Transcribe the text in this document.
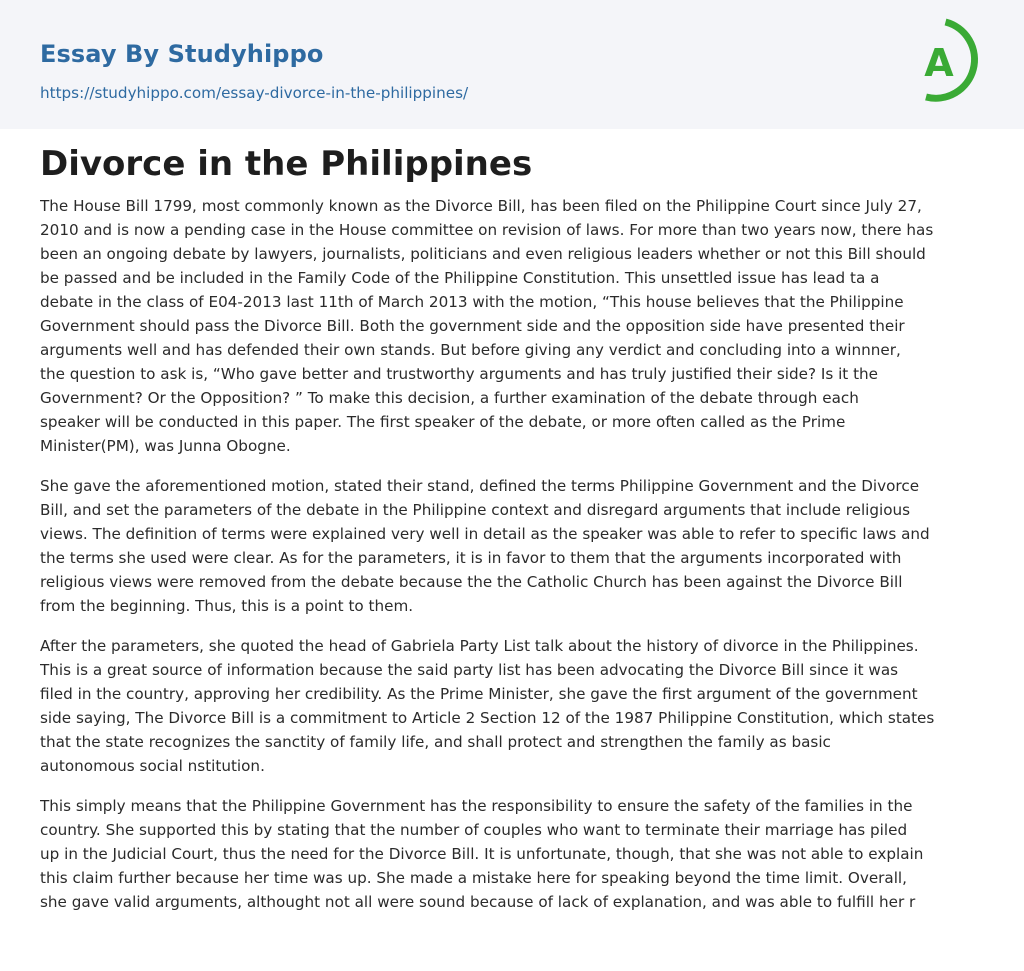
Essay By Studyhippo
https://studyhippo.com/essay-divorce-in-the-philippines/
A
Divorce in the Philippines

The House Bill 1799, most commonly known as the Divorce Bill, has been filed on the Philippine Court since July 27,
2010 and is now a pending case in the House committee on revision of laws. For more than two years now, there has
been an ongoing debate by lawyers, journalists, politicians and even religious leaders whether or not this Bill should
be passed and be included in the Family Code of the Philippine Constitution. This unsettled issue has lead ta a
debate in the class of E04-2013 last 11th of March 2013 with the motion, “This house believes that the Philippine
Government should pass the Divorce Bill. Both the government side and the opposition side have presented their
arguments well and has defended their own stands. But before giving any verdict and concluding into a winnner,
the question to ask is, “Who gave better and trustworthy arguments and has truly justified their side? Is it the
Government? Or the Opposition? ” To make this decision, a further examination of the debate through each
speaker will be conducted in this paper. The first speaker of the debate, or more often called as the Prime
Minister(PM), was Junna Obogne.

She gave the aforementioned motion, stated their stand, defined the terms Philippine Government and the Divorce
Bill, and set the parameters of the debate in the Philippine context and disregard arguments that include religious
views. The definition of terms were explained very well in detail as the speaker was able to refer to specific laws and
the terms she used were clear. As for the parameters, it is in favor to them that the arguments incorporated with
religious views were removed from the debate because the the Catholic Church has been against the Divorce Bill
from the beginning. Thus, this is a point to them.

After the parameters, she quoted the head of Gabriela Party List talk about the history of divorce in the Philippines.
This is a great source of information because the said party list has been advocating the Divorce Bill since it was
filed in the country, approving her credibility. As the Prime Minister, she gave the first argument of the government
side saying, The Divorce Bill is a commitment to Article 2 Section 12 of the 1987 Philippine Constitution, which states
that the state recognizes the sanctity of family life, and shall protect and strengthen the family as basic
autonomous social nstitution.

This simply means that the Philippine Government has the responsibility to ensure the safety of the families in the
country. She supported this by stating that the number of couples who want to terminate their marriage has piled
up in the Judicial Court, thus the need for the Divorce Bill. It is unfortunate, though, that she was not able to explain
this claim further because her time was up. She made a mistake here for speaking beyond the time limit. Overall,
she gave valid arguments, althought not all were sound because of lack of explanation, and was able to fulfill her r
